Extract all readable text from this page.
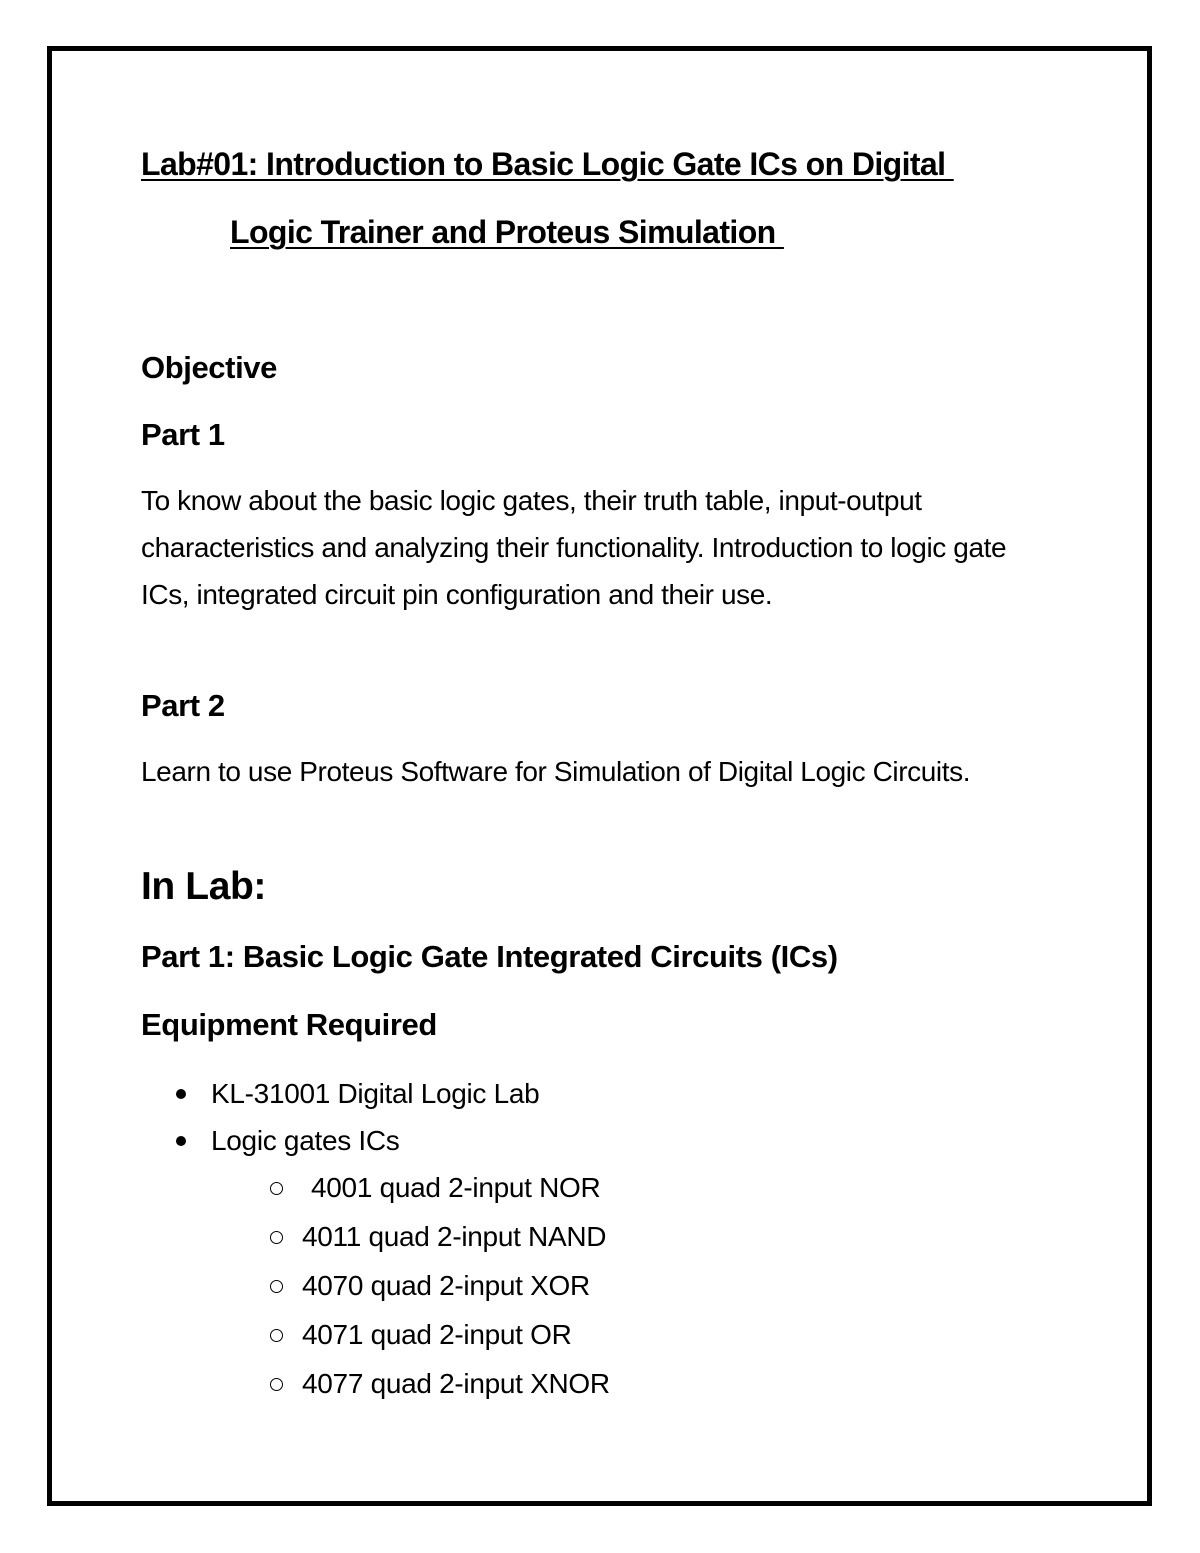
Lab#01: Introduction to Basic Logic Gate ICs on Digital
Logic Trainer and Proteus Simulation
Objective
Part 1
To know about the basic logic gates, their truth table, input-output characteristics and analyzing their functionality. Introduction to logic gate ICs, integrated circuit pin configuration and their use.
Part 2
Learn to use Proteus Software for Simulation of Digital Logic Circuits.
In Lab:
Part 1: Basic Logic Gate Integrated Circuits (ICs)
Equipment Required
KL-31001 Digital Logic Lab
Logic gates ICs
4001 quad 2-input NOR
4011 quad 2-input NAND
4070 quad 2-input XOR
4071 quad 2-input OR
4077 quad 2-input XNOR
